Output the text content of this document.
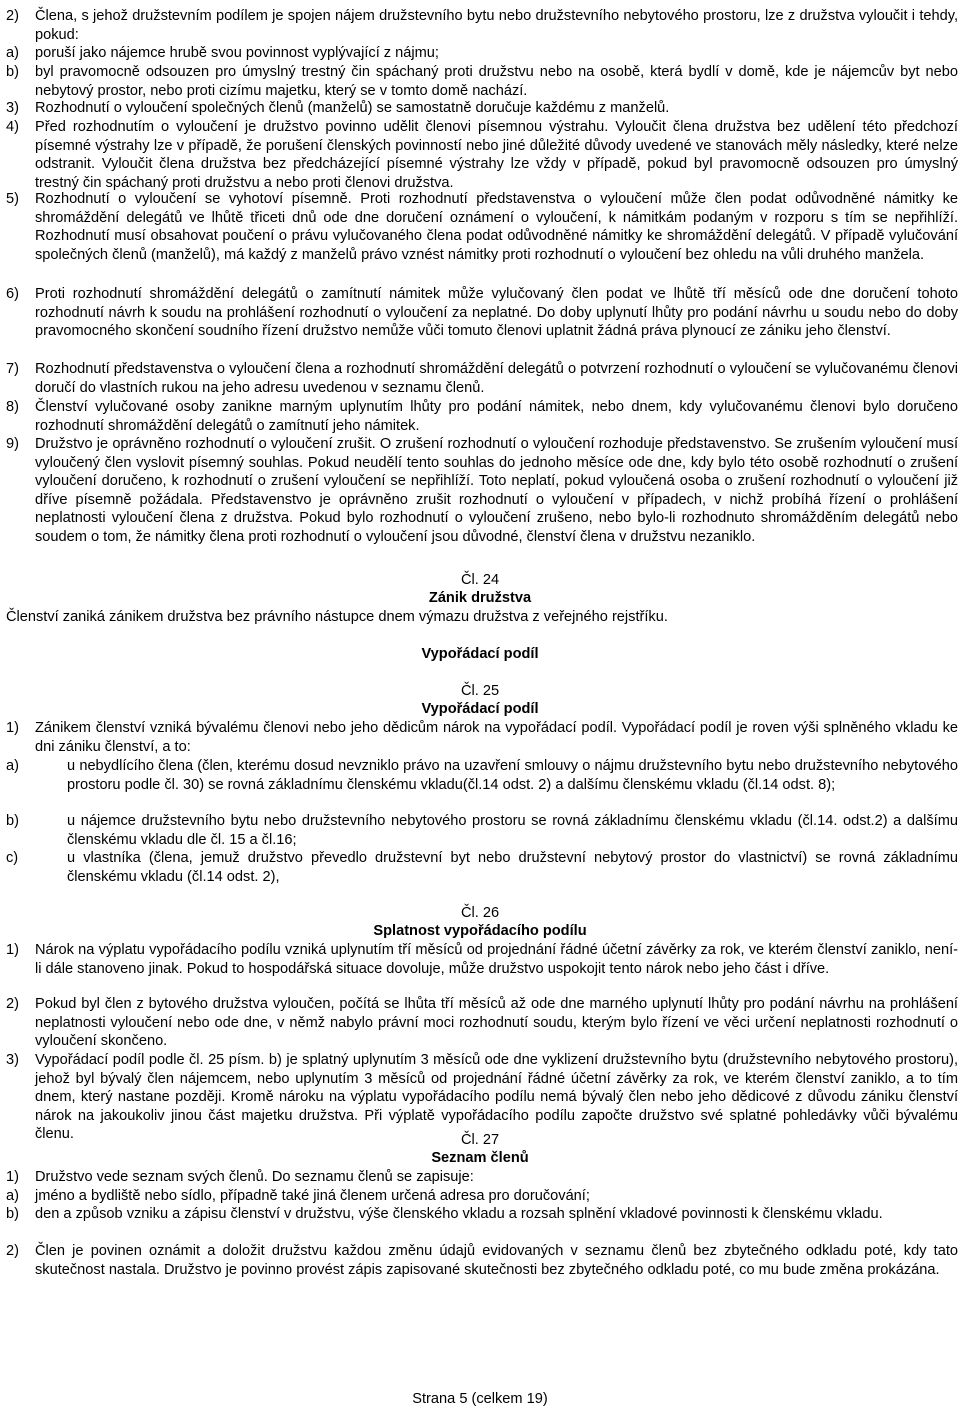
2) Člena, s jehož družstevním podílem je spojen nájem družstevního bytu nebo družstevního nebytového prostoru, lze z družstva vyloučit i tehdy, pokud:
a) poruší jako nájemce hrubě svou povinnost vyplývající z nájmu;
b) byl pravomocně odsouzen pro úmyslný trestný čin spáchaný proti družstvu nebo na osobě, která bydlí v domě, kde je nájemcův byt nebo nebytový prostor, nebo proti cizímu majetku, který se v tomto domě nachází.
3) Rozhodnutí o vyloučení společných členů (manželů) se samostatně doručuje každému z manželů.
4) Před rozhodnutím o vyloučení je družstvo povinno udělit členovi písemnou výstrahu. Vyloučit člena družstva bez udělení této předchozí písemné výstrahy lze v případě, že porušení členských povinností nebo jiné důležité důvody uvedené ve stanovách měly následky, které nelze odstranit. Vyloučit člena družstva bez předcházející písemné výstrahy lze vždy v případě, pokud byl pravomocně odsouzen pro úmyslný trestný čin spáchaný proti družstvu a nebo proti členovi družstva.
5) Rozhodnutí o vyloučení se vyhotoví písemně. Proti rozhodnutí představenstva o vyloučení může člen podat odůvodněné námitky ke shromáždění delegátů ve lhůtě třiceti dnů ode dne doručení oznámení o vyloučení, k námitkám podaným v rozporu s tím se nepřihlíží. Rozhodnutí musí obsahovat poučení o právu vylučovaného člena podat odůvodněné námitky ke shromáždění delegátů. V případě vylučování společných členů (manželů), má každý z manželů právo vznést námitky proti rozhodnutí o vyloučení bez ohledu na vůli druhého manžela.
6) Proti rozhodnutí shromáždění delegátů o zamítnutí námitek může vylučovaný člen podat ve lhůtě tří měsíců ode dne doručení tohoto rozhodnutí návrh k soudu na prohlášení rozhodnutí o vyloučení za neplatné. Do doby uplynutí lhůty pro podání návrhu u soudu nebo do doby pravomocného skončení soudního řízení družstvo nemůže vůči tomuto členovi uplatnit žádná práva plynoucí ze zániku jeho členství.
7) Rozhodnutí představenstva o vyloučení člena a rozhodnutí shromáždění delegátů o potvrzení rozhodnutí o vyloučení se vylučovanému členovi doručí do vlastních rukou na jeho adresu uvedenou v seznamu členů.
8) Členství vylučované osoby zanikne marným uplynutím lhůty pro podání námitek, nebo dnem, kdy vylučovanému členovi bylo doručeno rozhodnutí shromáždění delegátů o zamítnutí jeho námitek.
9) Družstvo je oprávněno rozhodnutí o vyloučení zrušit. O zrušení rozhodnutí o vyloučení rozhoduje představenstvo. Se zrušením vyloučení musí vyloučený člen vyslovit písemný souhlas. Pokud neudělí tento souhlas do jednoho měsíce ode dne, kdy bylo této osobě rozhodnutí o zrušení vyloučení doručeno, k rozhodnutí o zrušení vyloučení se nepřihlíží. Toto neplatí, pokud vyloučená osoba o zrušení rozhodnutí o vyloučení již dříve písemně požádala. Představenstvo je oprávněno zrušit rozhodnutí o vyloučení v případech, v nichž probíhá řízení o prohlášení neplatnosti vyloučení člena z družstva. Pokud bylo rozhodnutí o vyloučení zrušeno, nebo bylo-li rozhodnuto shromážděním delegátů nebo soudem o tom, že námitky člena proti rozhodnutí o vyloučení jsou důvodné, členství člena v družstvu nezaniklo.
Čl. 24
Zánik družstva
Členství zaniká zánikem družstva bez právního nástupce dnem výmazu družstva z veřejného rejstříku.
Vypořádací podíl
Čl. 25
Vypořádací podíl
1) Zánikem členství vzniká bývalému členovi nebo jeho dědicům nárok na vypořádací podíl. Vypořádací podíl je roven výši splněného vkladu ke dni zániku členství, a to:
a)	u nebydlícího člena (člen, kterému dosud nevzniklo právo na uzavření smlouvy o nájmu družstevního bytu nebo družstevního nebytového prostoru podle čl. 30) se rovná základnímu členskému vkladu(čl.14 odst. 2) a dalšímu členskému vkladu (čl.14 odst. 8);
b)	u nájemce družstevního bytu nebo družstevního nebytového prostoru se rovná základnímu členskému vkladu (čl.14. odst.2) a dalšímu členskému vkladu dle čl. 15 a čl.16;
c)	u vlastníka (člena, jemuž družstvo převedlo družstevní byt nebo družstevní nebytový prostor do vlastnictví) se rovná základnímu členskému vkladu (čl.14 odst. 2),
Čl. 26
Splatnost vypořádacího podílu
1) Nárok na výplatu vypořádacího podílu vzniká uplynutím tří měsíců od projednání řádné účetní závěrky za rok, ve kterém členství zaniklo, není-li dále stanoveno jinak. Pokud to hospodářská situace dovoluje, může družstvo uspokojit tento nárok nebo jeho část i dříve.
2) Pokud byl člen z bytového družstva vyloučen, počítá se lhůta tří měsíců až ode dne marného uplynutí lhůty pro podání návrhu na prohlášení neplatnosti vyloučení nebo ode dne, v němž nabylo právní moci rozhodnutí soudu, kterým bylo řízení ve věci určení neplatnosti rozhodnutí o vyloučení skončeno.
3) Vypořádací podíl podle čl. 25 písm. b) je splatný uplynutím 3 měsíců ode dne vyklizení družstevního bytu (družstevního nebytového prostoru), jehož byl bývalý člen nájemcem, nebo uplynutím 3 měsíců od projednání řádné účetní závěrky za rok, ve kterém členství zaniklo, a to tím dnem, který nastane později. Kromě nároku na výplatu vypořádacího podílu nemá bývalý člen nebo jeho dědicové z důvodu zániku členství nárok na jakoukoliv jinou část majetku družstva. Při výplatě vypořádacího podílu započte družstvo své splatné pohledávky vůči bývalému členu.	Čl. 27
Seznam členů
1) Družstvo vede seznam svých členů. Do seznamu členů se zapisuje:
a) jméno a bydliště nebo sídlo, případně také jiná členem určená adresa pro doručování;
b) den a způsob vzniku a zápisu členství v družstvu, výše členského vkladu a rozsah splnění vkladové povinnosti k členskému vkladu.
2) Člen je povinen oznámit a doložit družstvu každou změnu údajů evidovaných v seznamu členů bez zbytečného odkladu poté, kdy tato skutečnost nastala. Družstvo je povinno provést zápis zapisované skutečnosti bez zbytečného odkladu poté, co mu bude změna prokázána.
Strana 5 (celkem 19)
